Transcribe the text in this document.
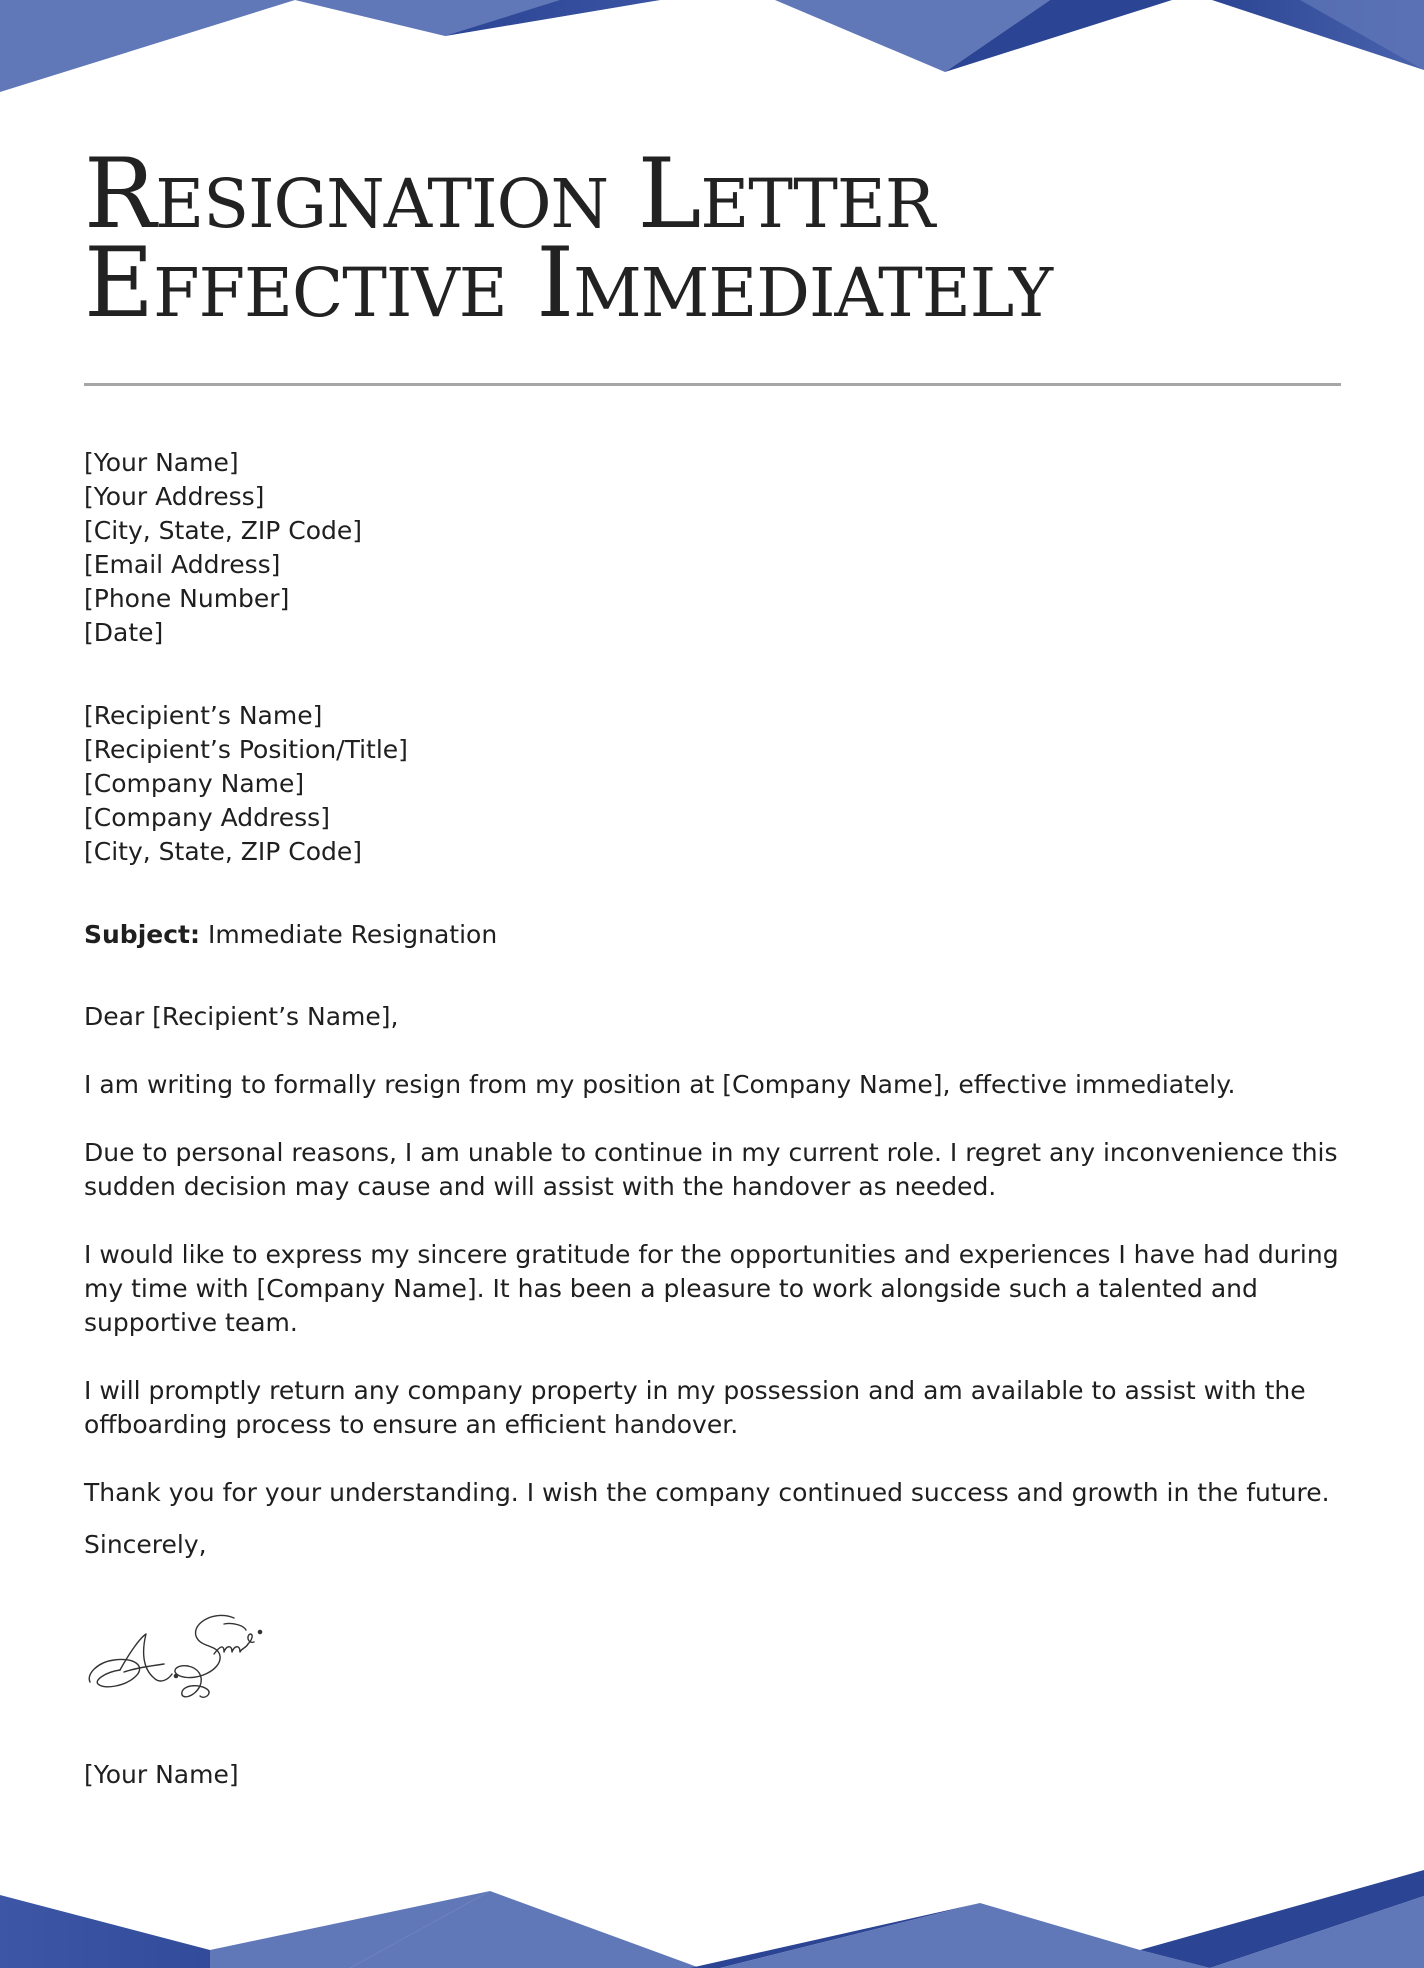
Resignation Letter
Effective Immediately
[Your Name]
[Your Address]
[City, State, ZIP Code]
[Email Address]
[Phone Number]
[Date]
[Recipient’s Name]
[Recipient’s Position/Title]
[Company Name]
[Company Address]
[City, State, ZIP Code]
Subject: Immediate Resignation
Dear [Recipient’s Name],
I am writing to formally resign from my position at [Company Name], effective immediately.
Due to personal reasons, I am unable to continue in my current role. I regret any inconvenience this sudden decision may cause and will assist with the handover as needed.
I would like to express my sincere gratitude for the opportunities and experiences I have had during my time with [Company Name]. It has been a pleasure to work alongside such a talented and supportive team.
I will promptly return any company property in my possession and am available to assist with the offboarding process to ensure an efficient handover.
Thank you for your understanding. I wish the company continued success and growth in the future.
Sincerely,
[Your Name]
